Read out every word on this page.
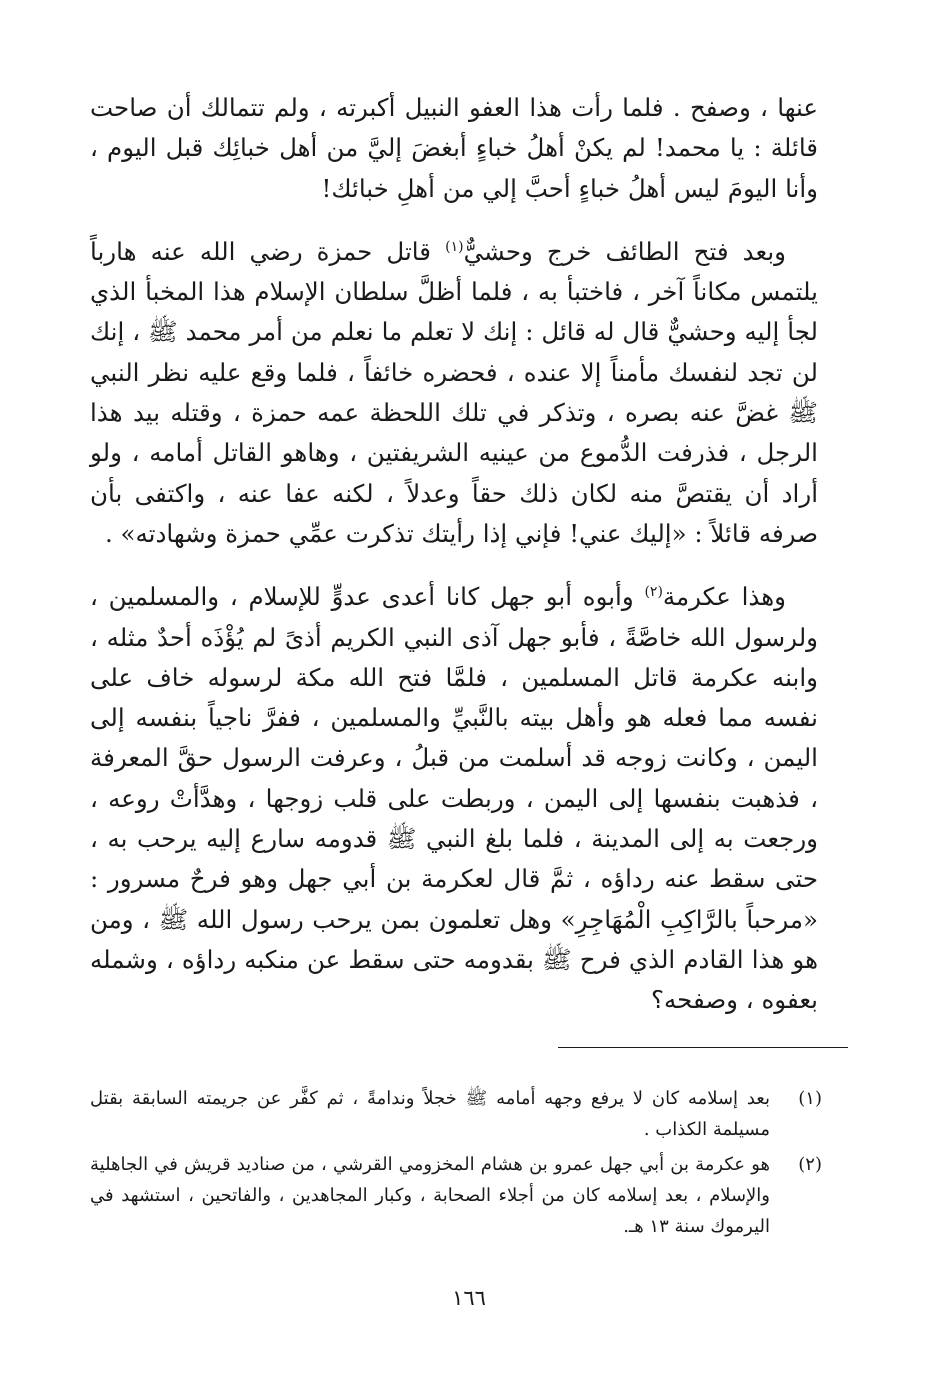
عنها ، وصفح . فلما رأت هذا العفو النبيل أكبرته ، ولم تتمالك أن صاحت قائلة : يا محمد! لم يكنْ أهلُ خباءٍ أبغضَ إليَّ من أهل خبائِك قبل اليوم ، وأنا اليومَ ليس أهلُ خباءٍ أحبَّ إلي من أهلِ خبائك!

وبعد فتح الطائف خرج وحشيٌّ$^{(١)}$ قاتل حمزة رضي الله عنه هارباً يلتمس مكاناً آخر ، فاختبأ به ، فلما أظلَّ سلطان الإسلام هذا المخبأ الذي لجأ إليه وحشيٌّ قال له قائل : إنك لا تعلم ما نعلم من أمر محمد ﷺ ، إنك لن تجد لنفسك مأمناً إلا عنده ، فحضره خائفاً ، فلما وقع عليه نظر النبي ﷺ غضَّ عنه بصره ، وتذكر في تلك اللحظة عمه حمزة ، وقتله بيد هذا الرجل ، فذرفت الدُّموع من عينيه الشريفتين ، وهاهو القاتل أمامه ، ولو أراد أن يقتصَّ منه لكان ذلك حقاً وعدلاً ، لكنه عفا عنه ، واكتفى بأن صرفه قائلاً : «إليك عني! فإني إذا رأيتك تذكرت عمِّي حمزة وشهادته» .

وهذا عكرمة$^{(٢)}$ وأبوه أبو جهل كانا أعدى عدوٍّ للإسلام ، والمسلمين ، ولرسول الله خاصَّةً ، فأبو جهل آذى النبي الكريم أذىً لم يُؤْذَه أحدٌ مثله ، وابنه عكرمة قاتل المسلمين ، فلمَّا فتح الله مكة لرسوله خاف على نفسه مما فعله هو وأهل بيته بالنَّبيِّ والمسلمين ، ففرَّ ناجياً بنفسه إلى اليمن ، وكانت زوجه قد أسلمت من قبلُ ، وعرفت الرسول حقَّ المعرفة ، فذهبت بنفسها إلى اليمن ، وربطت على قلب زوجها ، وهدَّأتْ روعه ، ورجعت به إلى المدينة ، فلما بلغ النبي ﷺ قدومه سارع إليه يرحب به ، حتى سقط عنه رداؤه ، ثمَّ قال لعكرمة بن أبي جهل وهو فرحٌ مسرور : «مرحباً بالرَّاكِبِ الْمُهَاجِرِ» وهل تعلمون بمن يرحب رسول الله ﷺ ، ومن هو هذا القادم الذي فرح ﷺ بقدومه حتى سقط عن منكبه رداؤه ، وشمله بعفوه ، وصفحه؟

(١)

بعد إسلامه كان لا يرفع وجهه أمامه ﷺ خجلاً وندامةً ، ثم كفَّر عن جريمته السابقة بقتل مسيلمة الكذاب .

(٢)

هو عكرمة بن أبي جهل عمرو بن هشام المخزومي القرشي ، من صناديد قريش في الجاهلية والإسلام ، بعد إسلامه كان من أجلاء الصحابة ، وكبار المجاهدين ، والفاتحين ، استشهد في اليرموك سنة ١٣ هـ.

١٦٦
